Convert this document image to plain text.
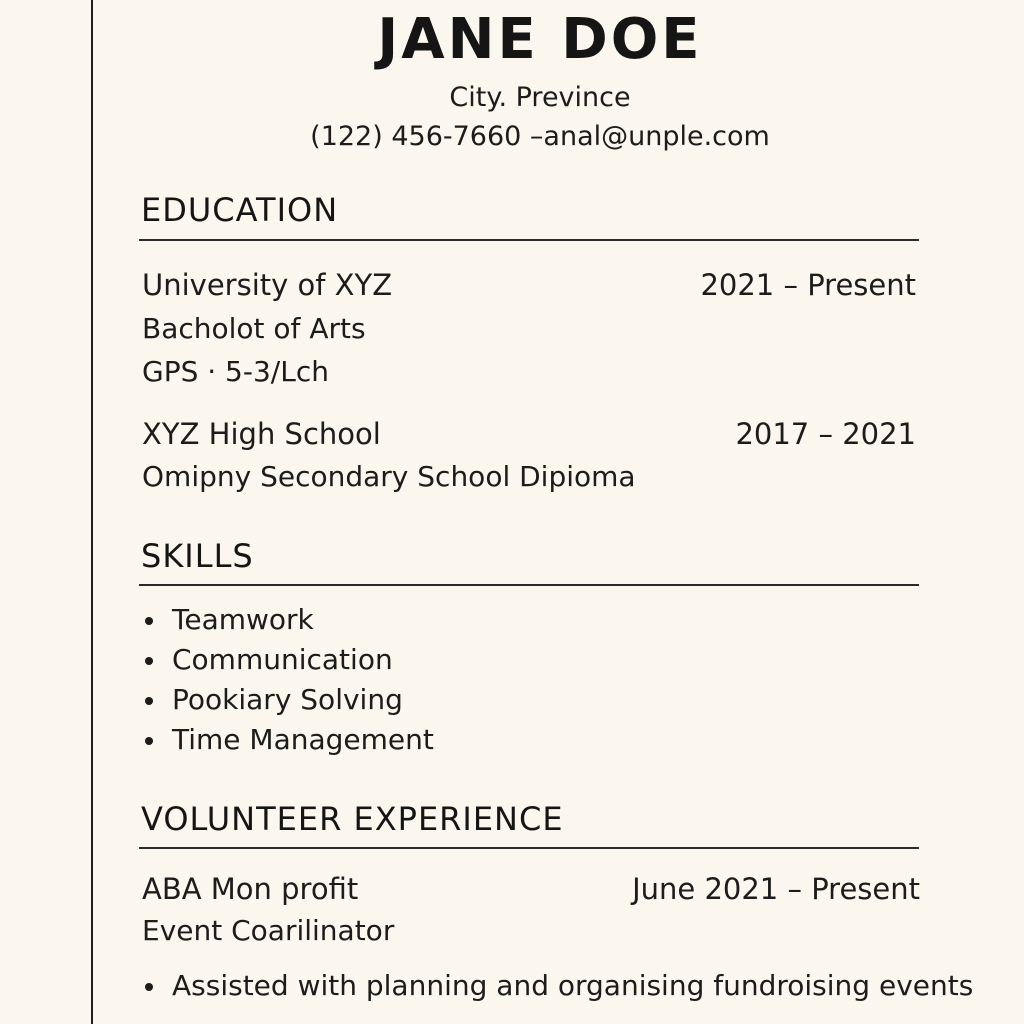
JANE DOE
City. Prevince
(122) 456-7660 –anal@unple.com
EDUCATION
University of XYZ	2021 – Present
Bacholot of Arts
GPS · 5-3/Lch
XYZ High School	2017 – 2021
Omipny Secondary School Dipioma
SKILLS
Teamwork
Communication
Pookiary Solving
Time Management
VOLUNTEER EXPERIENCE
ABA Mon profit	June 2021 – Present
Event Coarilinator
Assisted with planning and organising fundroising events
